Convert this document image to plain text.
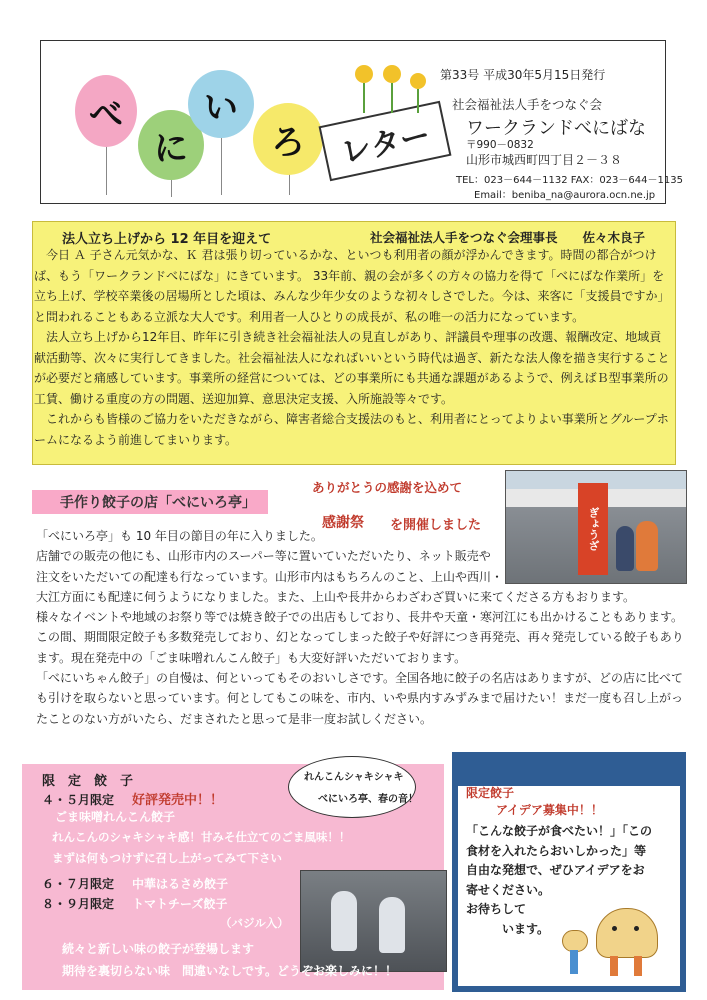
べ
に
い
ろ レ
タ
ー
第33号 平成30年5月15日発行
社会福祉法人手をつなぐ会
ワークランドべにばな
〒990－0832
山形市城西町四丁目２－３８
TEL：023－644－1132 FAX：023－644－1135
Email：beniba_na@aurora.ocn.ne.jp
法人立ち上げから 12 年目を迎えて	社会福祉法人手をつなぐ会理事長　　佐々木良子

今日 Ａ 子さん元気かな、Ｋ 君は張り切っているかな、といつも利用者の顔が浮かんできます。時間の都合がつけば、もう「ワークランドべにばな」にきています。 33年前、親の会が多くの方々の協力を得て「べにばな作業所」を立ち上げ、学校卒業後の居場所とした頃は、みんな少年少女のような初々しさでした。今は、来客に「支援員ですか」と問われることもある立派な大人です。利用者一人ひとりの成長が、私の唯一の活力になっています。

法人立ち上げから12年目、昨年に引き続き社会福祉法人の見直しがあり、評議員や理事の改選、報酬改定、地域貢献活動等、次々に実行してきました。社会福祉法人になればいいという時代は過ぎ、新たな法人像を描き実行することが必要だと痛感しています。事業所の経営については、どの事業所にも共通な課題があるようで、例えばＢ型事業所の工賃、働ける重度の方の問題、送迎加算、意思決定支援、入所施設等々です。

これからも皆様のご協力をいただきながら、障害者総合支援法のもと、利用者にとってよりよい事業所とグループホームになるよう前進してまいります。

手作り餃子の店「べにいろ亭」
ありがとうの感謝を込めて
感謝祭 を開催しました	ぎょうざ

「べにいろ亭」も 10 年目の節目の年に入りました。

店舗での販売の他にも、山形市内のスーパー等に置いていただいたり、ネット販売や

注文をいただいての配達も行なっています。山形市内はもちろんのこと、上山や西川・

大江方面にも配達に伺うようになりました。また、上山や長井からわざわざ買いに来てくださる方もおります。

様々なイベントや地域のお祭り等では焼き餃子での出店もしており、長井や天童・寒河江にも出かけることもあります。

この間、期間限定餃子も多数発売しており、幻となってしまった餃子や好評につき再発売、再々発売している餃子もあります。現在発売中の「ごま味噌れんこん餃子」も大変好評いただいております。

「べにいちゃん餃子」の自慢は、何といってもそのおいしさです。全国各地に餃子の名店はありますが、どの店に比べても引けを取らないと思っています。何としてもこの味を、市内、いや県内すみずみまで届けたい！まだ一度も召し上がったことのない方がいたら、だまされたと思って是非一度お試しください。

れんこんシャキシャキ
べにいろ亭、春の音！
限　定　餃　子
４・５月限定 好評発売中！！
ごま味噌れんこん餃子
れんこんのシャキシャキ感！甘みそ仕立てのごま風味！！
まずは何もつけずに召し上がってみて下さい
６・７月限定 中華はるさめ餃子
８・９月限定 トマトチーズ餃子
（バジル入）
続々と新しい味の餃子が登場します
期待を裏切らない味　間違いなしです。どうぞお楽しみに！！
限定餃子
アイデア募集中！！
「こんな餃子が食べたい！」「この
食材を入れたらおいしかった」等
自由な発想で、ぜひアイデアをお
寄せください。
お待ちして
　　　います。
